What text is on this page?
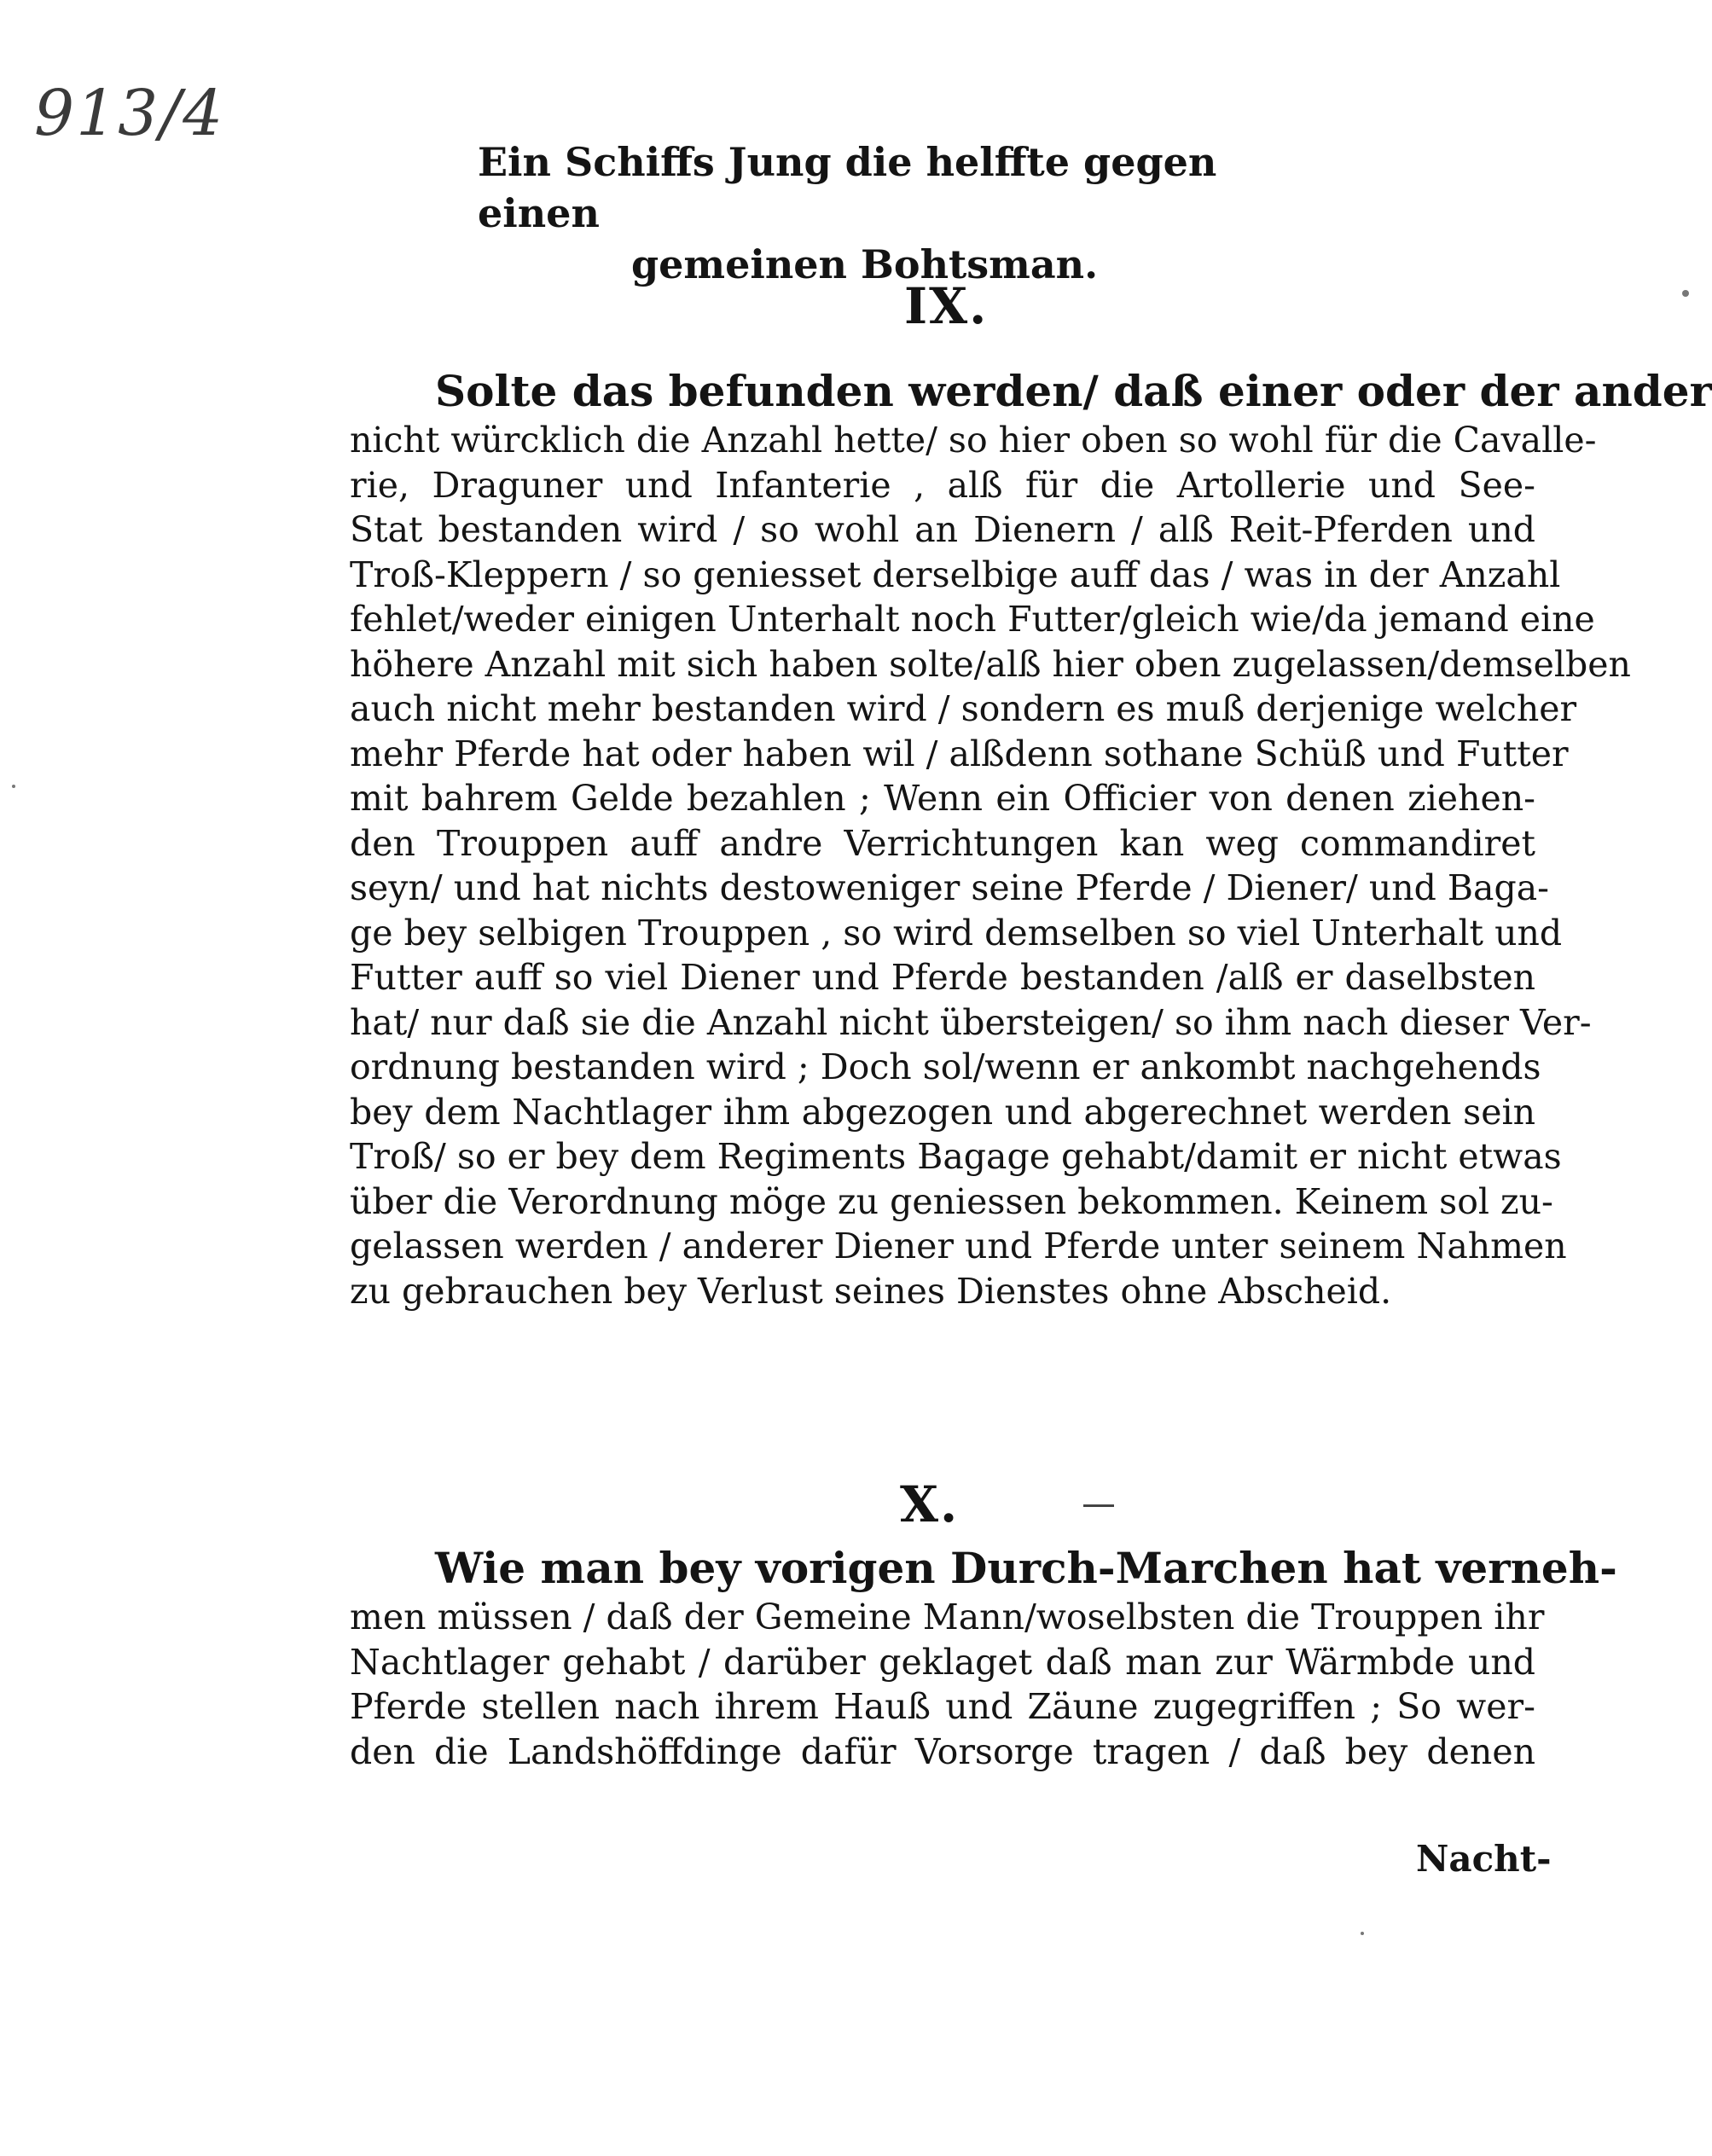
913/4
Ein Schiffs Jung die helffte gegen einen
gemeinen Bohtsman.
IX.
Solte das befunden werden/ daß einer oder der ander
nicht würcklich die Anzahl hette/ so hier oben so wohl für die Cavalle-
rie, Draguner und Infanterie , alß für die Artollerie und See-
Stat bestanden wird / so wohl an Dienern / alß Reit-Pferden und
Troß-Kleppern / so geniesset derselbige auff das / was in der Anzahl
fehlet/weder einigen Unterhalt noch Futter/gleich wie/da jemand eine
höhere Anzahl mit sich haben solte/alß hier oben zugelassen/demselben
auch nicht mehr bestanden wird / sondern es muß derjenige welcher
mehr Pferde hat oder haben wil / alßdenn sothane Schüß und Futter
mit bahrem Gelde bezahlen ; Wenn ein Officier von denen ziehen-
den Trouppen auff andre Verrichtungen kan weg commandiret
seyn/ und hat nichts destoweniger seine Pferde / Diener/ und Baga-
ge bey selbigen Trouppen , so wird demselben so viel Unterhalt und
Futter auff so viel Diener und Pferde bestanden /alß er daselbsten
hat/ nur daß sie die Anzahl nicht übersteigen/ so ihm nach dieser Ver-
ordnung bestanden wird ; Doch sol/wenn er ankombt nachgehends
bey dem Nachtlager ihm abgezogen und abgerechnet werden sein
Troß/ so er bey dem Regiments Bagage gehabt/damit er nicht etwas
über die Verordnung möge zu geniessen bekommen. Keinem sol zu-
gelassen werden / anderer Diener und Pferde unter seinem Nahmen
zu gebrauchen bey Verlust seines Dienstes ohne Abscheid.
X.
Wie man bey vorigen Durch-Marchen hat verneh-
men müssen / daß der Gemeine Mann/woselbsten die Trouppen ihr
Nachtlager gehabt / darüber geklaget daß man zur Wärmbde und
Pferde stellen nach ihrem Hauß und Zäune zugegriffen ; So wer-
den die Landshöffdinge dafür Vorsorge tragen / daß bey denen
Nacht-
